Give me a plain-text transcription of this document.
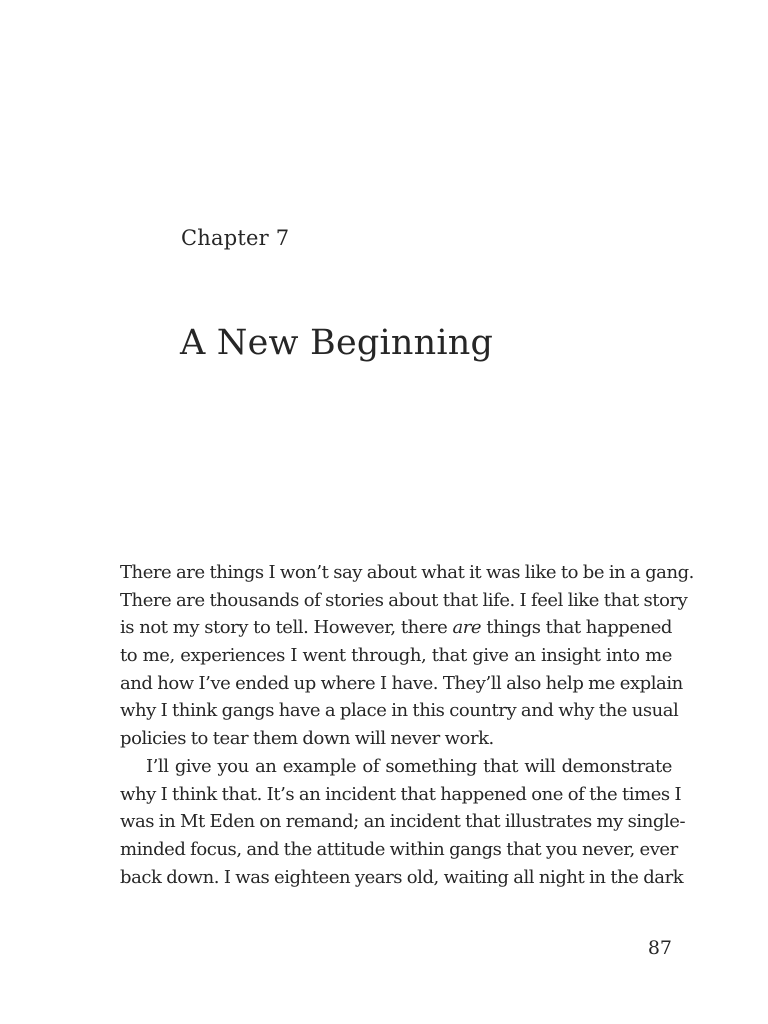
Chapter 7
A New Beginning
There are things I won’t say about what it was like to be in a gang.
There are thousands of stories about that life. I feel like that story
is not my story to tell. However, there are things that happened
to me, experiences I went through, that give an insight into me
and how I’ve ended up where I have. They’ll also help me explain
why I think gangs have a place in this country and why the usual
policies to tear them down will never work.
I’ll give you an example of something that will demonstrate
why I think that. It’s an incident that happened one of the times I
was in Mt Eden on remand; an incident that illustrates my single-
minded focus, and the attitude within gangs that you never, ever
back down. I was eighteen years old, waiting all night in the dark
87
